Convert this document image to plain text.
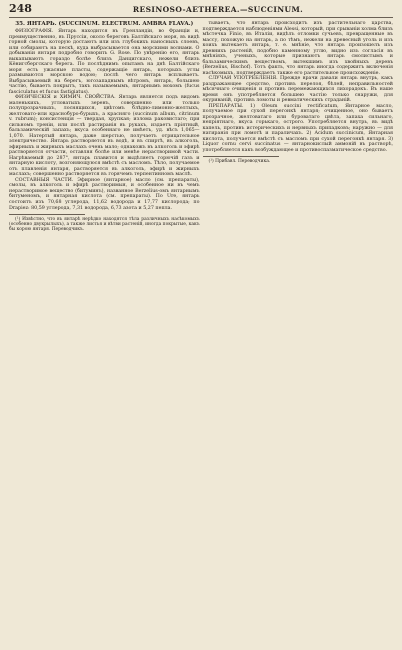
248	RESINOSO-AETHEREA.—SUCCINUM.

35. ЯНТАРЬ. (SUCCINUM. ELECTRUM. AMBRA FLAVA.)

ФИЗІОГРАФІЯ. Янтарь находится въ Гренландіи, во Франціи и, преимущественно, въ Пруссіи, около береговъ Балтійскаго моря, въ видѣ горной смолы, которую достаютъ или изъ глубокихъ наносныхъ слоевъ, или собираютъ на пескѣ, куда выбрасывается она морскими волнами. О добываніи янтаря подробно говорить G. Rose. По увѣренію его, янтарь выкапываютъ гораздо болѣе близъ Данцигскаго, нежели близъ Кёнигсбергскаго берега. По послѣднимъ опытамъ на днѣ Балтійскаго моря есть ужасные пласты, содержащіе янтарь, которыхъ углы размываются морскою водою; послѣ чего янтарь всплываетъ. Выбрасываемый на берегъ, югозападнымъ вѣтромъ, янтарь, большею частію, бываетъ покрытъ, такъ называемымъ, янтарнымъ мохомъ (fucus fasciculatus et fucus fastigiatus).

ФИЗИЧЕСКІЯ и ХИМИЧ. СВОЙСТВА. Янтарь является подъ видомъ маленькихъ, угловатыхъ зеренъ, совершенно или только полупрозрачныхъ, лоснящихся, цвѣтомъ блѣдно-лимонно-желтыхъ, желтовато-или краснобуро-бурыхъ, а красняго (succinum album, citrinum v. rubrum); консистенція — твердая, хрупкая; излома раковистаго; при сильномъ треніи, или послѣ растиранія въ рукахъ, издаетъ пріятный, бальзамическій запахъ; вкуса особеннаго не имѣетъ, уд. вѣсъ 1,065—1,070. Натертый янтарь, даже шерстью, получаетъ отрицательное электричество. Янтарь растворяется въ водѣ, и въ спиртѣ, въ алкоголь, эфирныхъ и жирныхъ маслахъ очень мало; однакожъ въ алкоголь и эфирѣ растворяется отчасти, оставляя болѣе или менѣе нерастворимой части. Нагрѣваемый до 287°, янтарь плавится и выдѣляетъ горючій газъ и янтарную кислоту, возгоняющуюся вмѣстѣ съ масломъ. Тѣло, получаемое отъ плавленія янтаря, растворяется въ алкоголь, эфирѣ и жирныхъ маслахъ; совершенно растворяется въ горячемъ терпентинномъ маслѣ.

СОСТАВНЫЯ ЧАСТИ. Эфирное (янтарное) масло (см. препараты), смолы, въ алкоголь и эфирѣ растворимыя, и особенное ни въ чемъ нерастворимое вещество (битуминъ), названное Berzelius-омъ янтарнымъ битуменомъ, и янтарная кислота (см. препараты). По Ure, янтарь состоитъ изъ 70,68 углерода, 11,62 водорода и 17,77 кислорода; по Drapiez: 80,59 углерода, 7,31 водорода, 6,73 азота и 5,27 пепла.

(¹) Извѣстно, что въ янтарѣ нерѣдко находятся тѣла различныхъ насѣкомыхъ (особенно двукрылыхъ), а также листья и вѣтви растеній, иногда покрытые, какъ бы корою янтаря. Переводчикъ.

тываетъ, что янтарь происходитъ изъ растительнаго царства, подтверждается наблюденіями Alessi, который, при срываніи холма близъ мѣстечка Finio, въ Италіи, видѣлъ отломки сучьевъ, превращенные въ массу, похожую на янтарь, а по тѣмъ, нежели на древесный уголь и изъ коихъ вытекаетъ янтарь, т. е. мнѣніе, что янтарь произошелъ изъ древнихъ растеній, подобно каменному углю, видно изъ согласія въ мнѣніяхъ, ученыхъ, которые признаютъ янтарь смолистымъ и бальзамическимъ веществомъ, вытекшимъ изъ хвойныхъ деревъ (Berzelius, Bischof). Тотъ факть, что янтарь иногда содержитъ включенія насѣкомыхъ, подтверждаетъ также его растительное происхожденіе.

СЛУЧАИ УПОТРЕБЛЕНІЯ. Прежде врачи давали янтарь внутрь, какъ раздражающее средство, противъ перелоя, бѣлей, неправильностей мѣсячнаго очищенія и противъ перемежающихся лихорадокъ. Въ наше время онъ употребляется большею частію только снаружи, для окуриваній, противъ ломоты и ревматическихъ страданій.

ПРЕПАРАТЫ. 1) Oleum succini rectificatum, Янтарное масло, получаемое при сухой перегонкѣ янтаря; очищенное, оно бываетъ прозрачное, желтоватаго или буроватаго цвѣта, запаха сильнаго, непріятнаго, вкуса горькаго, острого. Употребляется внутрь, въ видѣ капель, противъ истерическихъ и нервныхъ припадковъ; наружно — для натиранія при ломотѣ и параличахъ. 2) Acidum succinicum, Янтарная кислота, получается вмѣстѣ съ масломъ при сухой перегонкѣ янтаря. 3) Liquor cornu cervi succinatus — янтарнокислый аммоній въ растворѣ, употребляется какъ возбуждающее и противоспазматическое средство.

(¹) Прибавл. Переводчика.
